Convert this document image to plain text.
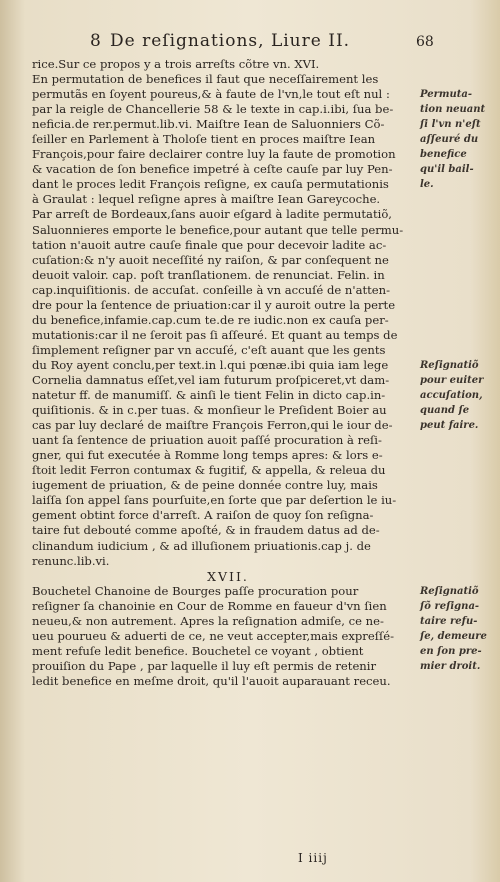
8 De reſignations, Liure II.	68
rice.Sur ce propos y a trois arreſts cõtre vn. XVI.
En permutation de benefices il faut que neceſſairement les
permutãs en ſoyent poureus,& à faute de l'vn,le tout eſt nul :
par la reigle de Chancellerie 58 & le texte in cap.i.ibi, ſua be-
neficia.de rer.permut.lib.vi. Maiſtre Iean de Saluonniers Cõ-
ſeiller en Parlement à Tholoſe tient en proces maiſtre Iean
François,pour faire declairer contre luy la faute de promotion
& vacation de ſon benefice impetré à ceſte cauſe par luy Pen-
dant le proces ledit François reſigne, ex cauſa permutationis
à Graulat : lequel reſigne apres à maiſtre Iean Gareycoche.
Par arreſt de Bordeaux,ſans auoir eſgard à ladite permutatiõ,
Saluonnieres emporte le benefice,pour autant que telle permu-
tation n'auoit autre cauſe finale que pour decevoir ladite ac-
cuſation:& n'y auoit neceſſité ny raiſon, & par conſequent ne
deuoit valoir. cap. poſt tranſlationem. de renunciat. Felin. in
cap.inquiſitionis. de accuſat. conſeille à vn accuſé de n'atten-
dre pour la ſentence de priuation:car il y auroit outre la perte
du benefice,infamie.cap.cum te.de re iudic.non ex cauſa per-
mutationis:car il ne ſeroit pas ſi aſſeuré. Et quant au temps de
ſimplement reſigner par vn accuſé, c'eſt auant que les gents
du Roy ayent conclu,per text.in l.qui pœnæ.ibi quia iam lege
Cornelia damnatus eſſet,vel iam futurum proſpiceret,vt dam-
natetur ff. de manumiſſ. & ainſi le tient Felin in dicto cap.in-
quiſitionis. & in c.per tuas. & monſieur le Preſident Boier au
cas par luy declaré de maiſtre François Ferron,qui le iour de-
uant ſa ſentence de priuation auoit paſſé procuration à reſi-
gner, qui fut executée à Romme long temps apres: & lors e-
ſtoit ledit Ferron contumax & fugitif, & appella, & releua du
iugement de priuation, & de peine donnée contre luy, mais
laiſſa ſon appel ſans pourſuite,en ſorte que par deſertion le iu-
gement obtint force d'arreſt. A raiſon de quoy ſon reſigna-
taire fut debouté comme apoſté, & in fraudem datus ad de-
clinandum iudicium , & ad illuſionem priuationis.cap j. de
renunc.lib.vi.
XVII.
Bouchetel Chanoine de Bourges paſſe procuration pour
reſigner ſa chanoinie en Cour de Romme en faueur d'vn ſien
neueu,& non autrement. Apres la reſignation admiſe, ce ne-
ueu pourueu & aduerti de ce, ne veut accepter,mais expreſſé-
ment refuſe ledit benefice. Bouchetel ce voyant , obtient
prouiſion du Pape , par laquelle il luy eſt permis de retenir
ledit benefice en meſme droit, qu'il l'auoit auparauant receu.
Permuta-
tion neuant
ſi l'vn n'eſt
aſſeuré du
benefice
qu'il bail-
le.
Reſignatiõ
pour euiter
accuſation,
quand ſe
peut faire.
Reſignatiõ
ſõ reſigna-
taire refu-
ſe, demeure
en ſon pre-
mier droit.
I iiij
